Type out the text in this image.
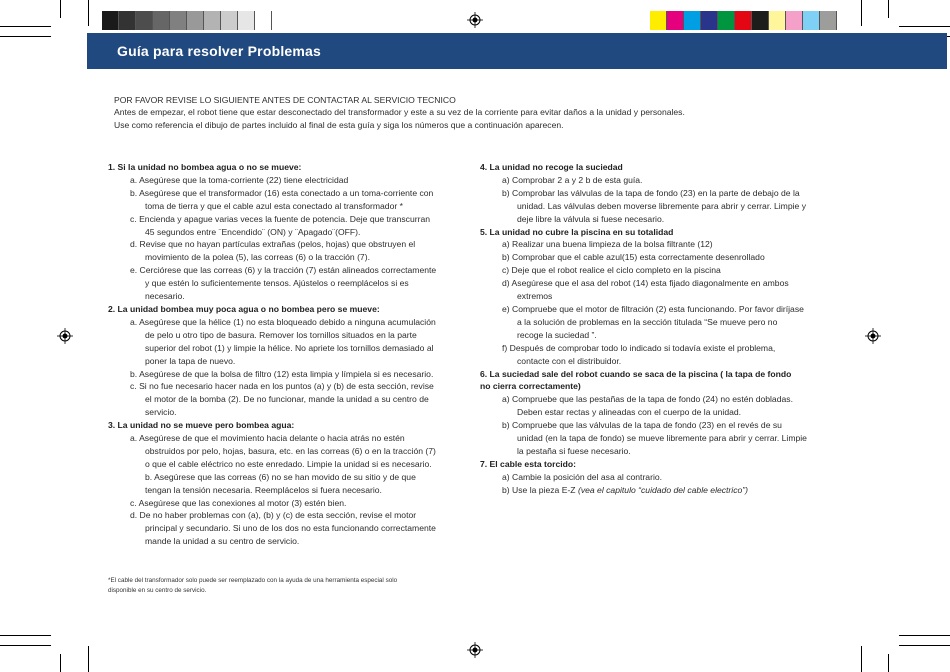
Guía para resolver Problemas
POR FAVOR REVISE LO SIGUIENTE ANTES DE CONTACTAR AL SERVICIO TECNICO
Antes de empezar, el robot tiene que estar desconectado del transformador y este a su vez de la corriente para evitar daños a la unidad y personales.
Use como referencia el dibujo de partes incluido al final de esta guía y siga los números que a continuación aparecen.

1. Si la unidad no bombea agua o no se mueve:

a. Asegúrese que la toma-corriente (22) tiene electricidad

b. Asegúrese que el transformador (16) esta conectado a un toma-corriente con

toma de tierra y que el cable azul esta conectado al transformador *

c. Encienda y apague varias veces la fuente de potencia. Deje que transcurran

45 segundos entre ¨Encendido¨ (ON) y ¨Apagado¨(OFF).

d. Revise que no hayan partículas extrañas (pelos, hojas) que obstruyen el

movimiento de la polea (5), las correas (6) o la tracción (7).

e. Cerciórese que las correas (6) y la tracción (7) están alineados correctamente

y que estén lo suficientemente tensos. Ajústelos o reemplácelos si es

necesario.

2. La unidad bombea muy poca agua o no bombea pero se mueve:

a. Asegúrese que la hélice (1) no esta bloqueado debido a ninguna acumulación

de pelo u otro tipo de basura. Remover los tornillos situados en la parte

superior del robot (1) y limpie la hélice. No apriete los tornillos demasiado al

poner la tapa de nuevo.

b. Asegúrese de que la bolsa de filtro (12) esta limpia y límpiela si es necesario.

c. Si no fue necesario hacer nada en los puntos (a) y (b) de esta sección, revise

el motor de la bomba (2). De no funcionar, mande la unidad a su centro de

servicio.

3. La unidad no se mueve pero bombea agua:

a. Asegúrese de que el movimiento hacia delante o hacia atrás no estén

obstruidos por pelo, hojas, basura, etc. en las correas (6) o en la tracción (7)

o que el cable eléctrico no este enredado. Limpie la unidad si es necesario.

b. Asegúrese que las correas (6) no se han movido de su sitio y de que

tengan la tensión necesaria. Reemplácelos si fuera necesario.

c. Asegúrese que las conexiones al motor (3) estén bien.

d. De no haber problemas con (a), (b) y (c) de esta sección, revise el motor

principal y secundario. Si uno de los dos no esta funcionando correctamente

mande la unidad a su centro de servicio.

4. La unidad no recoge la suciedad

a) Comprobar 2 a y 2 b de esta guía.

b) Comprobar las válvulas de la tapa de fondo (23) en la parte de debajo de la

unidad. Las válvulas deben moverse libremente para abrir y cerrar. Limpie y

deje libre la válvula si fuese necesario.

5. La unidad no cubre la piscina en su totalidad

a) Realizar una buena limpieza de la bolsa filtrante (12)

b) Comprobar que el cable azul(15) esta correctamente desenrollado

c) Deje que el robot realice el ciclo completo en la piscina

d) Asegúrese que el asa del robot (14) esta fijado diagonalmente en ambos

extremos

e) Compruebe que el motor de filtración (2) esta funcionando. Por favor diríjase

a la solución de problemas en la sección titulada “Se mueve pero no

recoge la suciedad ”.

f) Después de comprobar todo lo indicado si todavía existe el problema,

contacte con el distribuidor.

6. La suciedad sale del robot cuando se saca de la piscina ( la tapa de fondo

no cierra correctamente)

a) Compruebe que las pestañas de la tapa de fondo (24) no estén dobladas.

Deben estar rectas y alineadas con el cuerpo de la unidad.

b) Compruebe que las válvulas de la tapa de fondo (23) en el revés de su

unidad (en la tapa de fondo) se mueve libremente para abrir y cerrar. Limpie

la pestaña si fuese necesario.

7. El cable esta torcido:

a) Cambie la posición del asa al contrario.

b) Use la pieza E-Z (vea el capitulo “cuidado del cable electrico”)

*El cable del transformador solo puede ser reemplazado con la ayuda de una herramienta especial solo
disponible en su centro de servicio.
